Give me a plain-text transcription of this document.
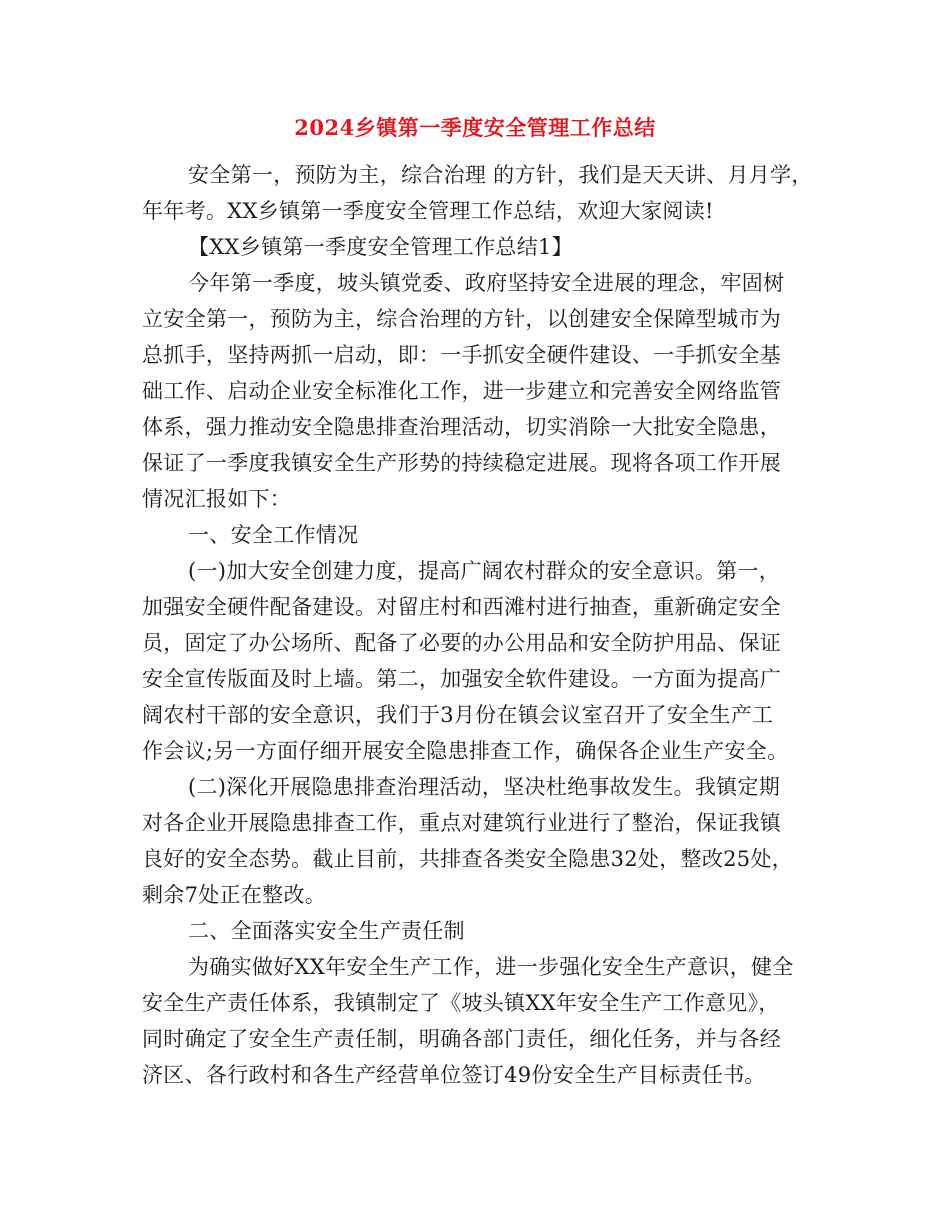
2024乡镇第一季度安全管理工作总结
安全第一，预防为主，综合治理 的方针，我们是天天讲、月月学，
年年考。XX乡镇第一季度安全管理工作总结，欢迎大家阅读!
【XX乡镇第一季度安全管理工作总结1】
今年第一季度，坡头镇党委、政府坚持安全进展的理念，牢固树
立安全第一，预防为主，综合治理的方针，以创建安全保障型城市为
总抓手，坚持两抓一启动，即：一手抓安全硬件建设、一手抓安全基
础工作、启动企业安全标准化工作，进一步建立和完善安全网络监管
体系，强力推动安全隐患排查治理活动，切实消除一大批安全隐患，
保证了一季度我镇安全生产形势的持续稳定进展。现将各项工作开展
情况汇报如下：
一、安全工作情况
(一)加大安全创建力度，提高广阔农村群众的安全意识。第一，
加强安全硬件配备建设。对留庄村和西滩村进行抽查，重新确定安全
员，固定了办公场所、配备了必要的办公用品和安全防护用品、保证
安全宣传版面及时上墙。第二，加强安全软件建设。一方面为提高广
阔农村干部的安全意识，我们于3月份在镇会议室召开了安全生产工
作会议;另一方面仔细开展安全隐患排查工作，确保各企业生产安全。
(二)深化开展隐患排查治理活动，坚决杜绝事故发生。我镇定期
对各企业开展隐患排查工作，重点对建筑行业进行了整治，保证我镇
良好的安全态势。截止目前，共排查各类安全隐患32处，整改25处，
剩余7处正在整改。
二、全面落实安全生产责任制
为确实做好XX年安全生产工作，进一步强化安全生产意识，健全
安全生产责任体系，我镇制定了《坡头镇XX年安全生产工作意见》，
同时确定了安全生产责任制，明确各部门责任，细化任务，并与各经
济区、各行政村和各生产经营单位签订49份安全生产目标责任书。
